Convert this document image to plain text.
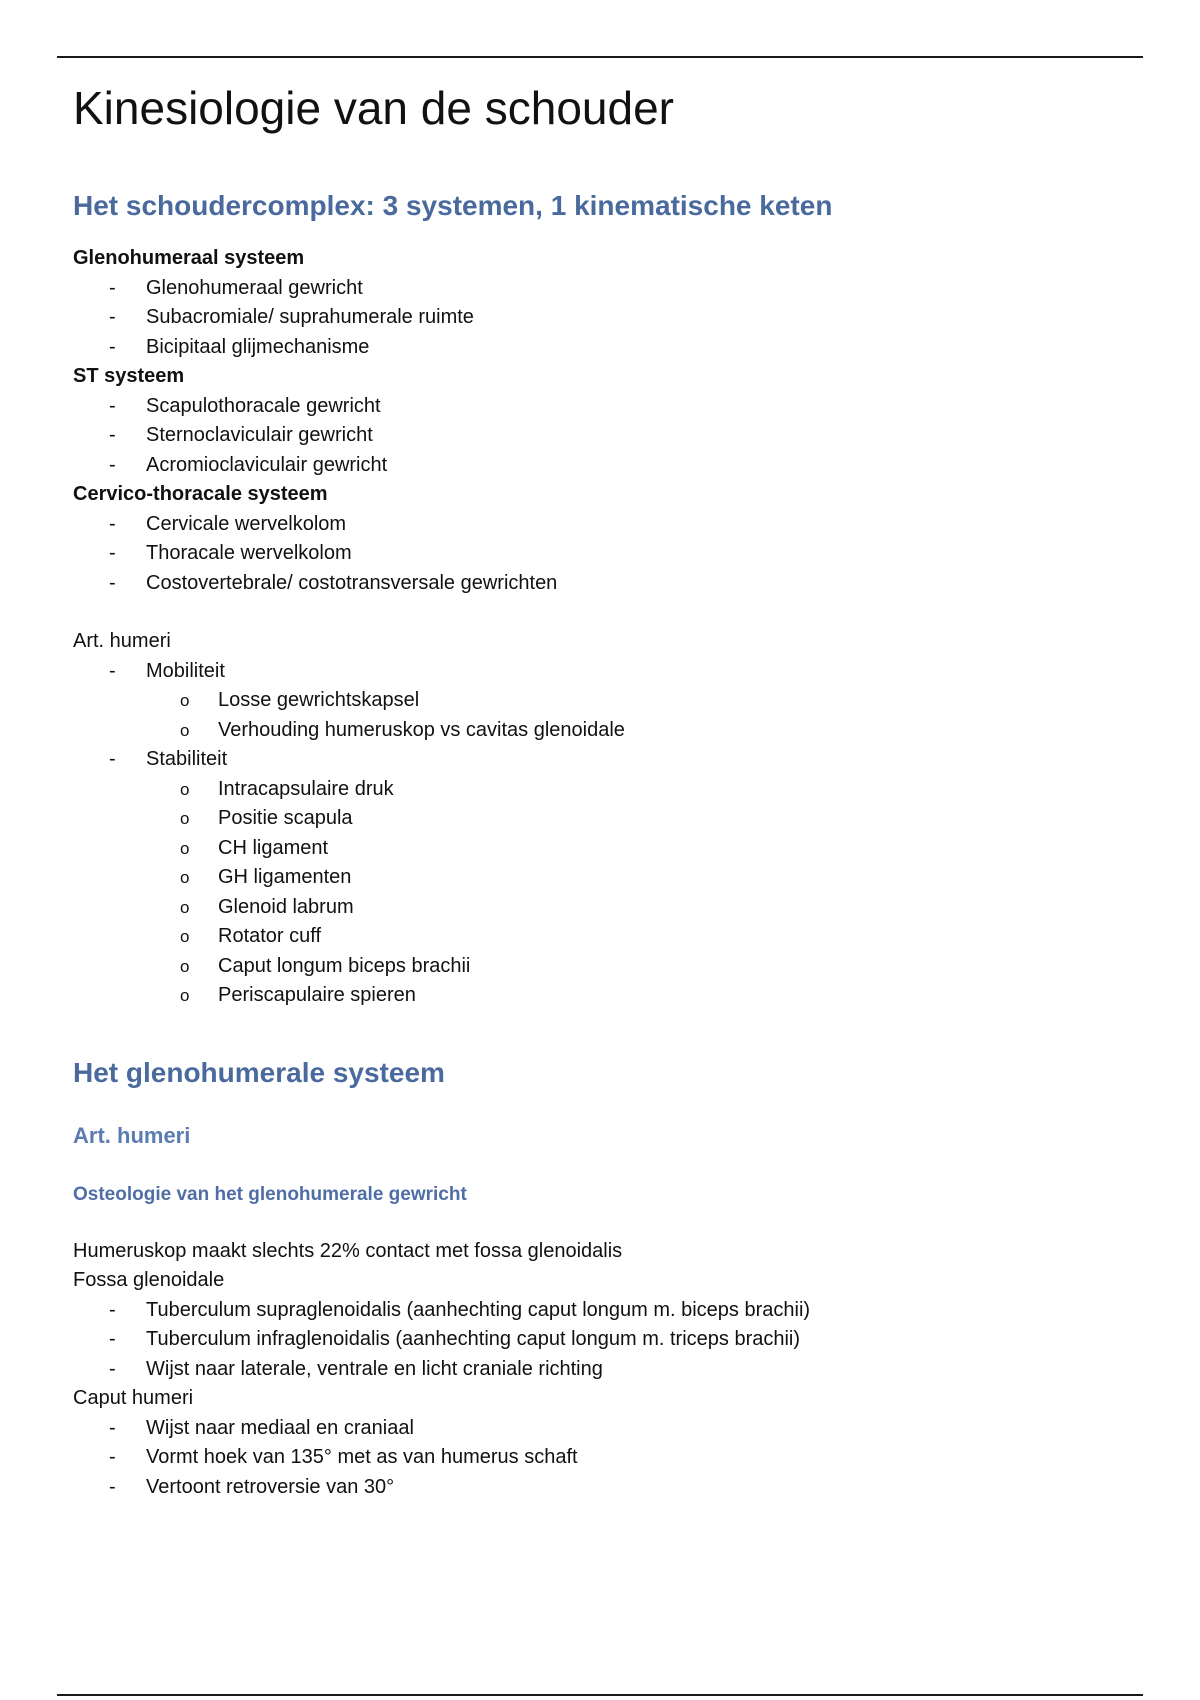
Kinesiologie van de schouder
Het schoudercomplex: 3 systemen, 1 kinematische keten

Glenohumeraal systeem

- Glenohumeraal gewricht
- Subacromiale/ suprahumerale ruimte
- Bicipitaal glijmechanisme

ST systeem

- Scapulothoracale gewricht
- Sternoclaviculair gewricht
- Acromioclaviculair gewricht

Cervico-thoracale systeem

- Cervicale wervelkolom
- Thoracale wervelkolom
- Costovertebrale/ costotransversale gewrichten

Art. humeri

- Mobiliteit
o Losse gewrichtskapsel
o Verhouding humeruskop vs cavitas glenoidale
- Stabiliteit
o Intracapsulaire druk
o Positie scapula
o CH ligament
o GH ligamenten
o Glenoid labrum
o Rotator cuff
o Caput longum biceps brachii
o Periscapulaire spieren
Het glenohumerale systeem
Art. humeri
Osteologie van het glenohumerale gewricht

Humeruskop maakt slechts 22% contact met fossa glenoidalis

Fossa glenoidale

- Tuberculum supraglenoidalis (aanhechting caput longum m. biceps brachii)
- Tuberculum infraglenoidalis (aanhechting caput longum m. triceps brachii)
- Wijst naar laterale, ventrale en licht craniale richting

Caput humeri

- Wijst naar mediaal en craniaal
- Vormt hoek van 135° met as van humerus schaft
- Vertoont retroversie van 30°
